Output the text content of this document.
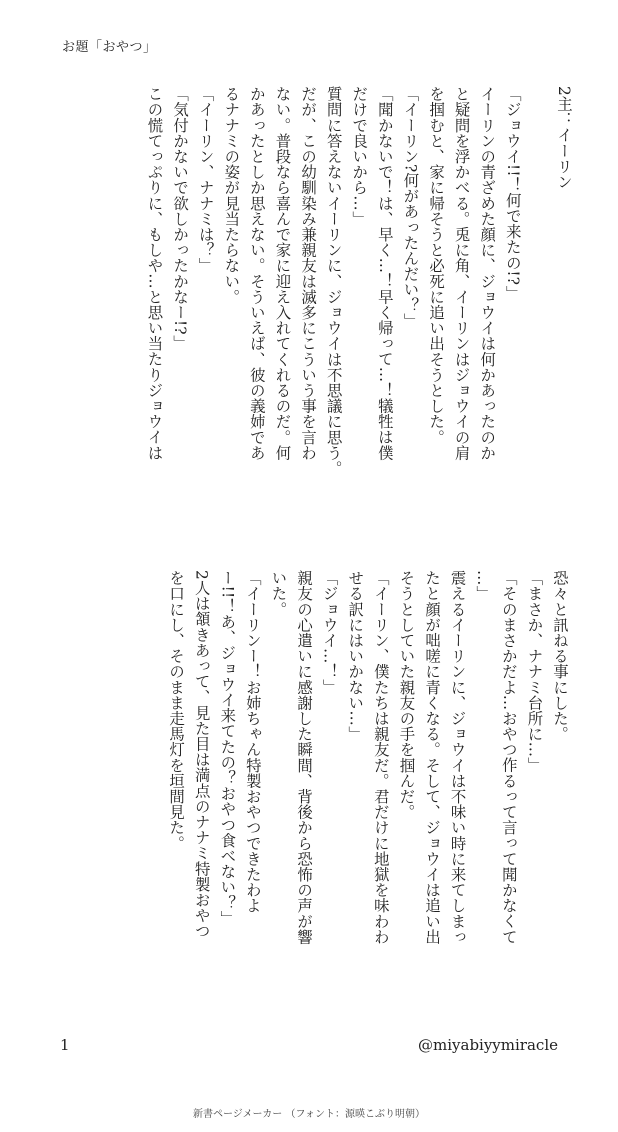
お題「おやつ」
2主：イーリン

「ジョウイ!!！何で来たの!?」
イーリンの青ざめた顔に、ジョウイは何かあったのか
と疑問を浮かべる。兎に角、イーリンはジョウイの肩
を掴むと、家に帰そうと必死に追い出そうとした。
「イーリン?何があったんだい？」
「聞かないで！は、早く…！早く帰って…！犠牲は僕
だけで良いから…」
質問に答えないイーリンに、ジョウイは不思議に思う。
だが、この幼馴染み兼親友は滅多にこういう事を言わ
ない。普段なら喜んで家に迎え入れてくれるのだ。何
かあったとしか思えない。そういえば、彼の義姉であ
るナナミの姿が見当たらない。
「イーリン、ナナミは？」
「気付かないで欲しかったかなー!?」
この慌てっぷりに、もしや…と思い当たりジョウイは
恐々と訊ねる事にした。
「まさか、ナナミ台所に…」
「そのまさかだよ…おやつ作るって言って聞かなくて
…」
震えるイーリンに、ジョウイは不味い時に来てしまっ
たと顔が咄嗟に青くなる。そして、ジョウイは追い出
そうとしていた親友の手を掴んだ。
「イーリン、僕たちは親友だ。君だけに地獄を味わわ
せる訳にはいかない…」
「ジョウイ…！」
親友の心遣いに感謝した瞬間、背後から恐怖の声が響
いた。
「イーリンー！お姉ちゃん特製おやつできたわよ
ー!!！あ、ジョウイ来てたの？おやつ食べない？」
2人は頷きあって、見た目は満点のナナミ特製おやつ
を口にし、そのまま走馬灯を垣間見た。
1	@miyabiyymiracle
新書ページメーカー （フォント：源暎こぶり明朝）
